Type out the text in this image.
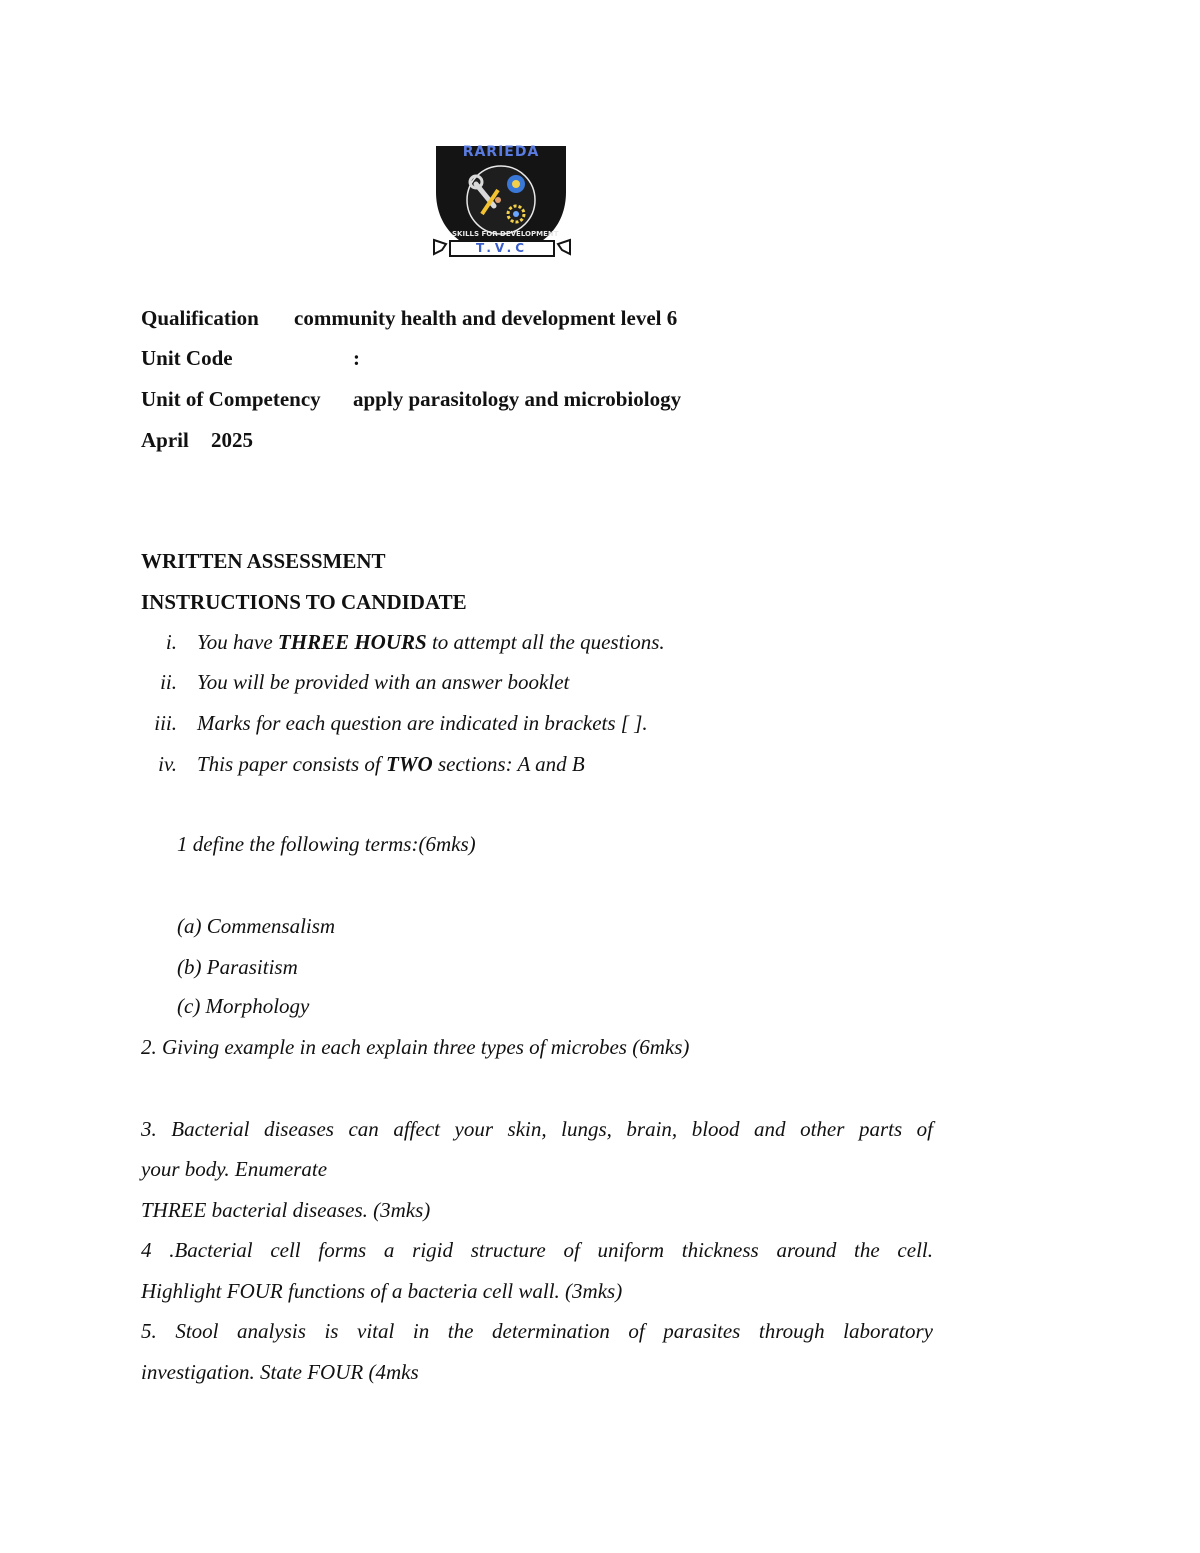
RARIEDA
SKILLS FOR DEVELOPMENT
T.V.C
Qualification community health and development level 6
Unit Code	:
Unit of Competency apply parasitology and microbiology
April 2025
WRITTEN ASSESSMENT
INSTRUCTIONS TO CANDIDATE
i. You have THREE HOURS to attempt all the questions.
ii. You will be provided with an answer booklet
iii. Marks for each question are indicated in brackets [ ].
iv. This paper consists of TWO sections: A and B
1 define the following terms:(6mks)
(a) Commensalism
(b) Parasitism
(c) Morphology
2. Giving example in each explain three types of microbes (6mks)
3. Bacterial diseases can affect your skin, lungs, brain, blood and other parts of
your body. Enumerate
THREE bacterial diseases. (3mks)
4 .Bacterial cell forms a rigid structure of uniform thickness around the cell.
Highlight FOUR functions of a bacteria cell wall. (3mks)
5. Stool analysis is vital in the determination of parasites through laboratory
investigation. State FOUR (4mks
